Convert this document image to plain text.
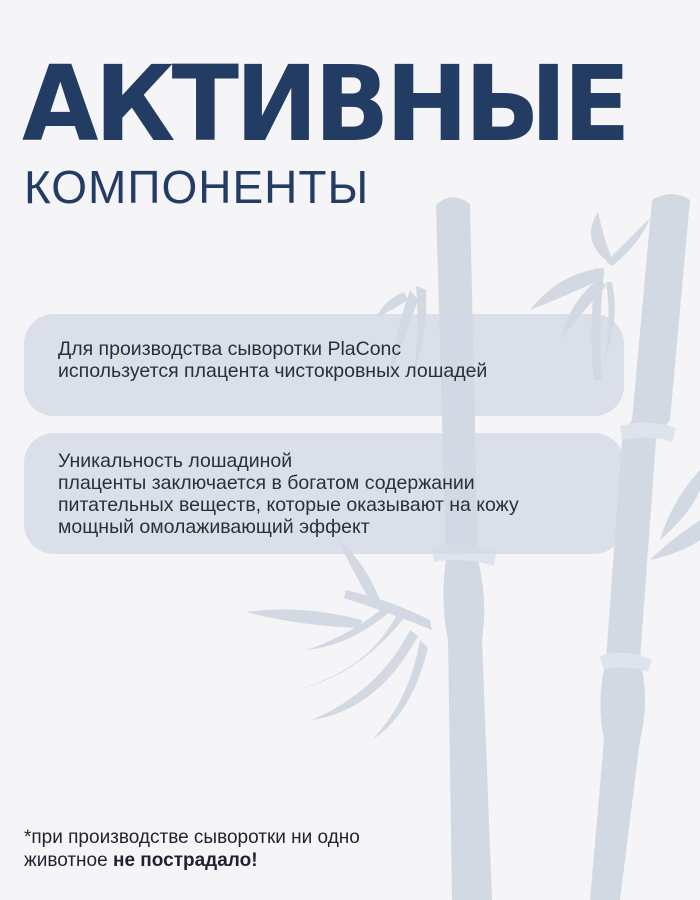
АКТИВНЫЕ
КОМПОНЕНТЫ

Для производства сыворотки PlaConc

используется плацента чистокровных лошадей

Уникальность лошадиной

плаценты заключается в богатом содержании

питательных веществ, которые оказывают на кожу

мощный омолаживающий эффект

*при производстве сыворотки ни одно
животное не пострадало!
